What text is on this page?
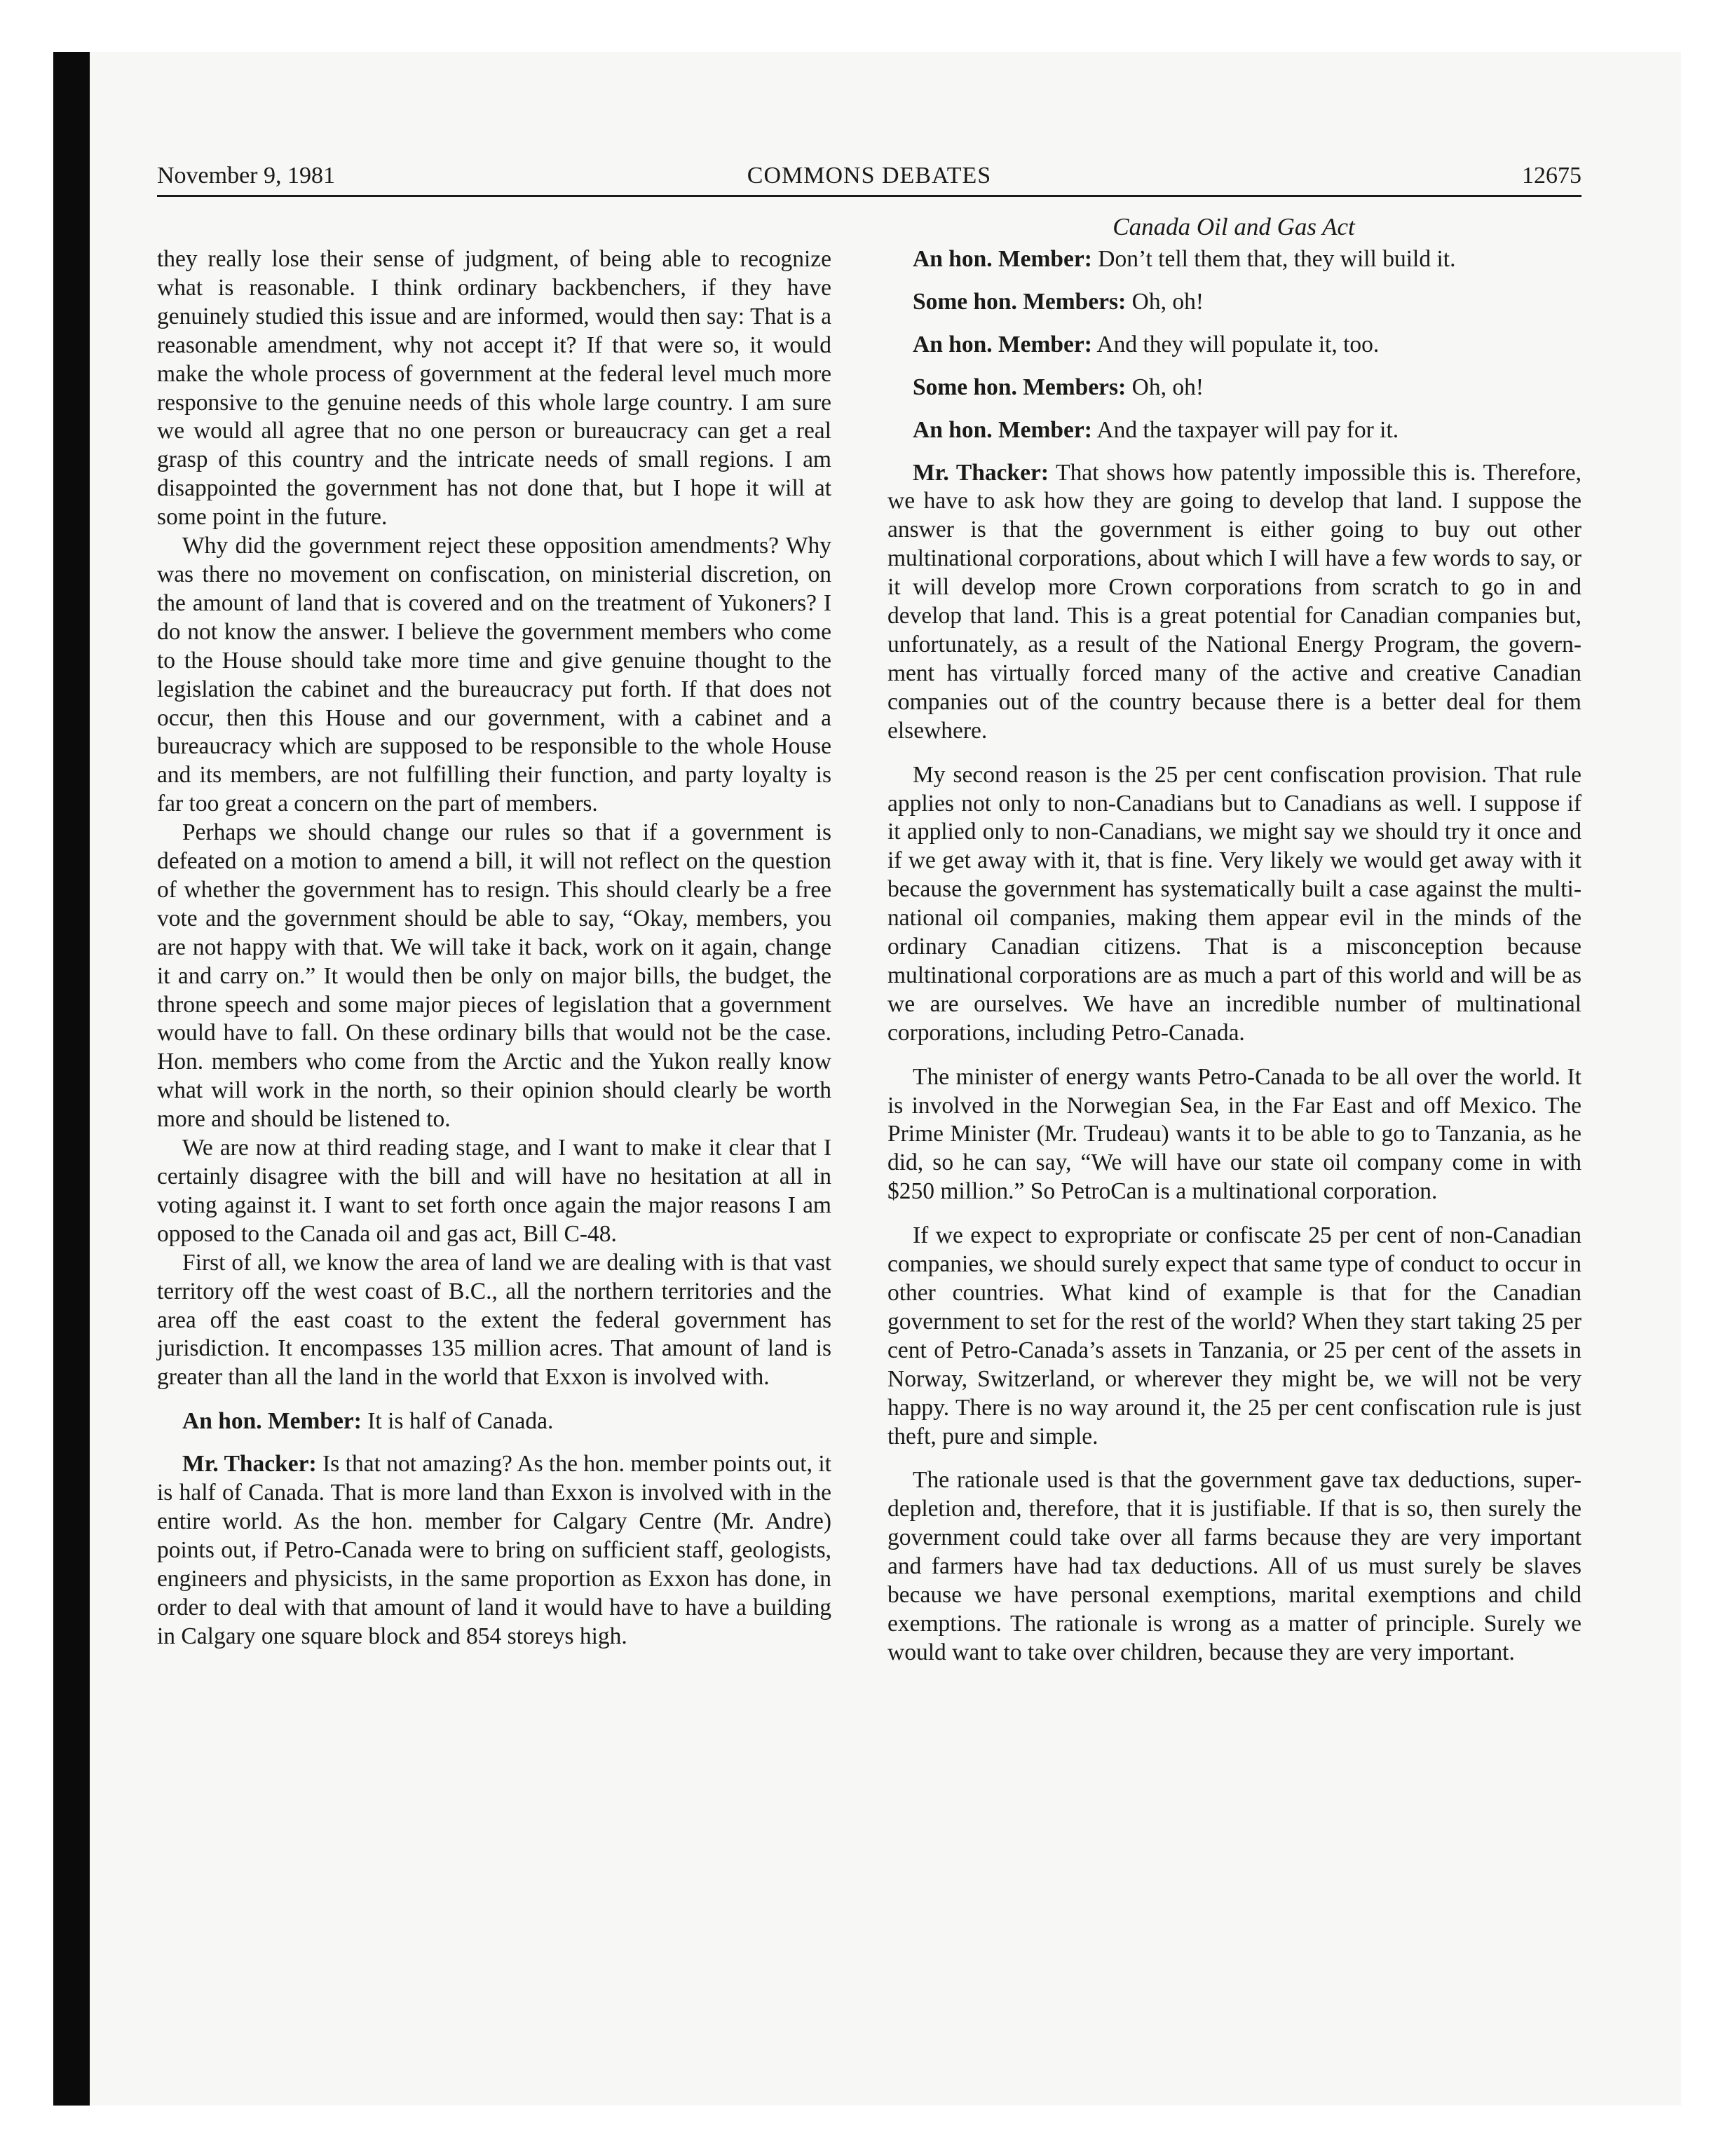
November 9, 1981	COMMONS DEBATES	12675
Canada Oil and Gas Act

they really lose their sense of judgment, of being able to recognize what is reasonable. I think ordinary backbenchers, if they have genuinely studied this issue and are informed, would then say: That is a reasonable amendment, why not accept it? If that were so, it would make the whole process of government at the federal level much more responsive to the genuine needs of this whole large country. I am sure we would all agree that no one person or bureaucracy can get a real grasp of this country and the intricate needs of small regions. I am disappointed the government has not done that, but I hope it will at some point in the future.

Why did the government reject these opposition amendments? Why was there no movement on confiscation, on ministerial discretion, on the amount of land that is covered and on the treatment of Yukoners? I do not know the answer. I believe the government members who come to the House should take more time and give genuine thought to the legislation the cabinet and the bureaucracy put forth. If that does not occur, then this House and our government, with a cabinet and a bureaucracy which are supposed to be responsible to the whole House and its members, are not fulfilling their function, and party loyalty is far too great a concern on the part of members.

Perhaps we should change our rules so that if a government is defeated on a motion to amend a bill, it will not reflect on the question of whether the government has to resign. This should clearly be a free vote and the government should be able to say, “Okay, members, you are not happy with that. We will take it back, work on it again, change it and carry on.” It would then be only on major bills, the budget, the throne speech and some major pieces of legislation that a government would have to fall. On these ordinary bills that would not be the case. Hon. members who come from the Arctic and the Yukon really know what will work in the north, so their opinion should clearly be worth more and should be listened to.

We are now at third reading stage, and I want to make it clear that I certainly disagree with the bill and will have no hesitation at all in voting against it. I want to set forth once again the major reasons I am opposed to the Canada oil and gas act, Bill C-48.

First of all, we know the area of land we are dealing with is that vast territory off the west coast of B.C., all the northern territories and the area off the east coast to the extent the federal government has jurisdiction. It encompasses 135 million acres. That amount of land is greater than all the land in the world that Exxon is involved with.

An hon. Member: It is half of Canada.

Mr. Thacker: Is that not amazing? As the hon. member points out, it is half of Canada. That is more land than Exxon is involved with in the entire world. As the hon. member for Calgary Centre (Mr. Andre) points out, if Petro-Canada were to bring on sufficient staff, geologists, engineers and physicists, in the same proportion as Exxon has done, in order to deal with that amount of land it would have to have a building in Calgary one square block and 854 storeys high.

An hon. Member: Don’t tell them that, they will build it.

Some hon. Members: Oh, oh!

An hon. Member: And they will populate it, too.

Some hon. Members: Oh, oh!

An hon. Member: And the taxpayer will pay for it.

Mr. Thacker: That shows how patently impossible this is. Therefore, we have to ask how they are going to develop that land. I suppose the answer is that the government is either going to buy out other multinational corporations, about which I will have a few words to say, or it will develop more Crown corporations from scratch to go in and develop that land. This is a great potential for Canadian companies but, unfortunately, as a result of the National Energy Program, the government has virtually forced many of the active and creative Canadian companies out of the country because there is a better deal for them elsewhere.

My second reason is the 25 per cent confiscation provision. That rule applies not only to non-Canadians but to Canadians as well. I suppose if it applied only to non-Canadians, we might say we should try it once and if we get away with it, that is fine. Very likely we would get away with it because the government has systematically built a case against the multinational oil companies, making them appear evil in the minds of the ordinary Canadian citizens. That is a misconception because multinational corporations are as much a part of this world and will be as we are ourselves. We have an incredible number of multinational corporations, including Petro-Canada.

The minister of energy wants Petro-Canada to be all over the world. It is involved in the Norwegian Sea, in the Far East and off Mexico. The Prime Minister (Mr. Trudeau) wants it to be able to go to Tanzania, as he did, so he can say, “We will have our state oil company come in with $250 million.” So PetroCan is a multinational corporation.

If we expect to expropriate or confiscate 25 per cent of non-Canadian companies, we should surely expect that same type of conduct to occur in other countries. What kind of example is that for the Canadian government to set for the rest of the world? When they start taking 25 per cent of Petro-Canada’s assets in Tanzania, or 25 per cent of the assets in Norway, Switzerland, or wherever they might be, we will not be very happy. There is no way around it, the 25 per cent confiscation rule is just theft, pure and simple.

The rationale used is that the government gave tax deductions, super-depletion and, therefore, that it is justifiable. If that is so, then surely the government could take over all farms because they are very important and farmers have had tax deductions. All of us must surely be slaves because we have personal exemptions, marital exemptions and child exemptions. The rationale is wrong as a matter of principle. Surely we would want to take over children, because they are very important.
